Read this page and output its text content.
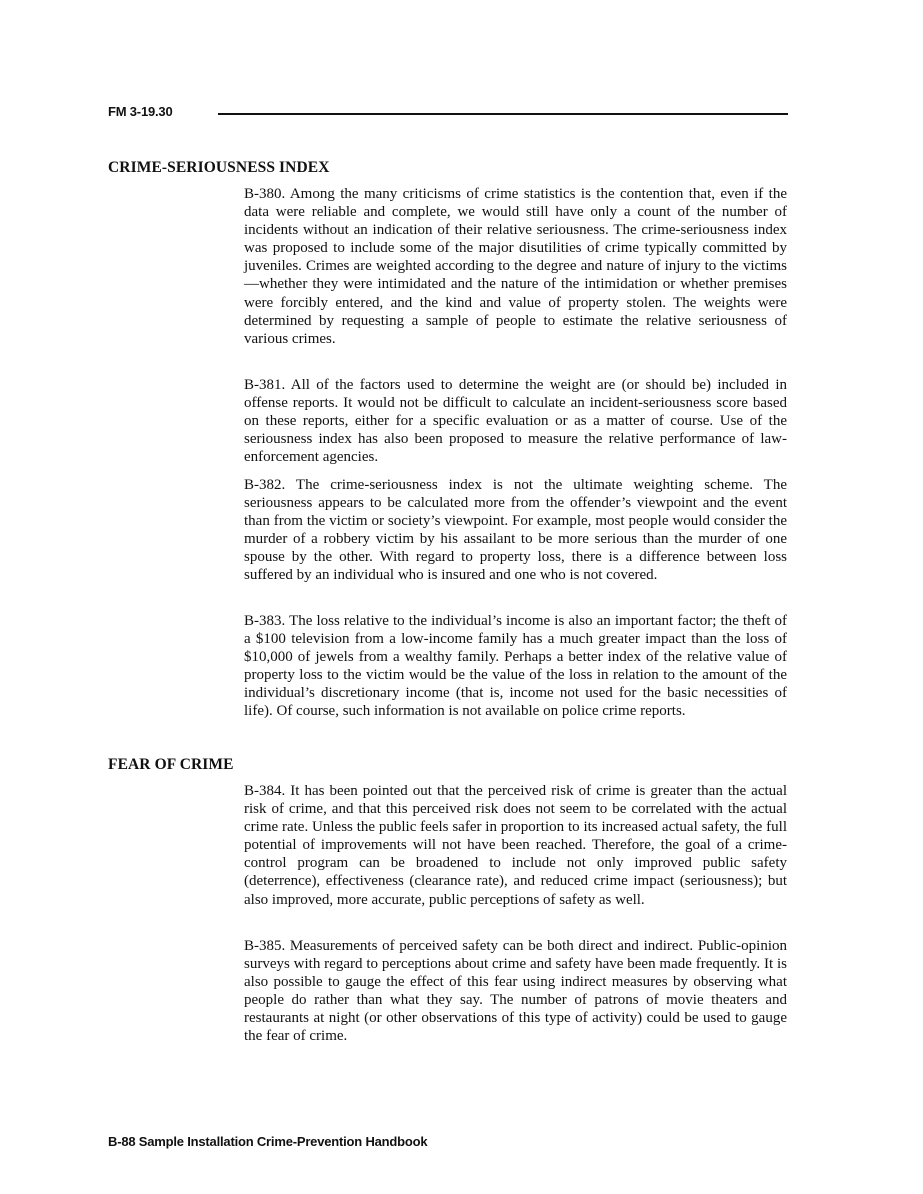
FM 3-19.30
CRIME-SERIOUSNESS INDEX

B-380. Among the many criticisms of crime statistics is the contention that, even if the data were reliable and complete, we would still have only a count of the number of incidents without an indication of their relative seriousness. The crime-seriousness index was proposed to include some of the major disutilities of crime typically committed by juveniles. Crimes are weighted according to the degree and nature of injury to the victims—whether they were intimidated and the nature of the intimidation or whether premises were forcibly entered, and the kind and value of property stolen. The weights were determined by requesting a sample of people to estimate the relative seriousness of various crimes.

B-381. All of the factors used to determine the weight are (or should be) included in offense reports. It would not be difficult to calculate an incident-seriousness score based on these reports, either for a specific evaluation or as a matter of course. Use of the seriousness index has also been proposed to measure the relative performance of law-enforcement agencies.

B-382. The crime-seriousness index is not the ultimate weighting scheme. The seriousness appears to be calculated more from the offender’s viewpoint and the event than from the victim or society’s viewpoint. For example, most people would consider the murder of a robbery victim by his assailant to be more serious than the murder of one spouse by the other. With regard to property loss, there is a difference between loss suffered by an individual who is insured and one who is not covered.

B-383. The loss relative to the individual’s income is also an important factor; the theft of a $100 television from a low-income family has a much greater impact than the loss of $10,000 of jewels from a wealthy family. Perhaps a better index of the relative value of property loss to the victim would be the value of the loss in relation to the amount of the individual’s discretionary income (that is, income not used for the basic necessities of life). Of course, such information is not available on police crime reports.

FEAR OF CRIME

B-384. It has been pointed out that the perceived risk of crime is greater than the actual risk of crime, and that this perceived risk does not seem to be correlated with the actual crime rate. Unless the public feels safer in proportion to its increased actual safety, the full potential of improvements will not have been reached. Therefore, the goal of a crime-control program can be broadened to include not only improved public safety (deterrence), effectiveness (clearance rate), and reduced crime impact (seriousness); but also improved, more accurate, public perceptions of safety as well.

B-385. Measurements of perceived safety can be both direct and indirect. Public-opinion surveys with regard to perceptions about crime and safety have been made frequently. It is also possible to gauge the effect of this fear using indirect measures by observing what people do rather than what they say. The number of patrons of movie theaters and restaurants at night (or other observations of this type of activity) could be used to gauge the fear of crime.

B-88 Sample Installation Crime-Prevention Handbook
